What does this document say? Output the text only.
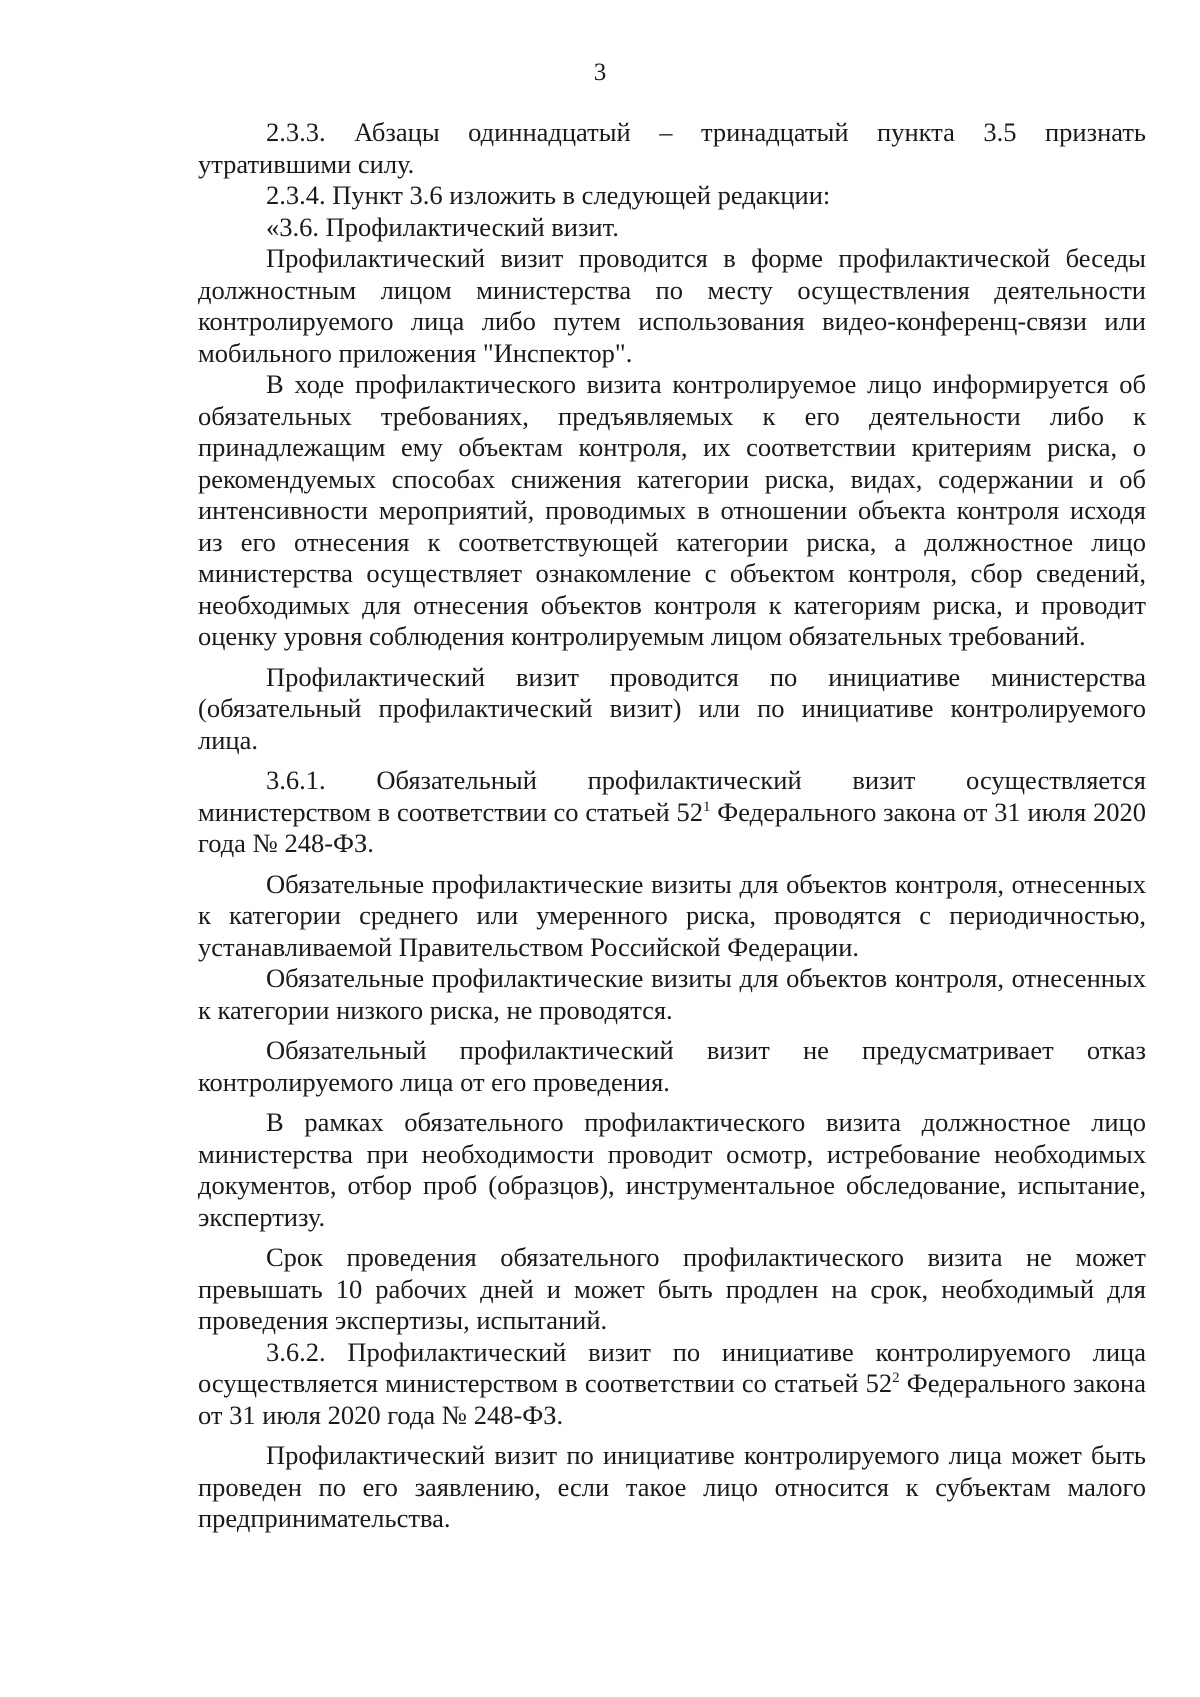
3

2.3.3. Абзацы одиннадцатый – тринадцатый пункта 3.5 признать утратившими силу.

2.3.4. Пункт 3.6 изложить в следующей редакции:

«3.6. Профилактический визит.

Профилактический визит проводится в форме профилактической беседы должностным лицом министерства по месту осуществления деятельности контролируемого лица либо путем использования видео-конференц-связи или мобильного приложения "Инспектор".

В ходе профилактического визита контролируемое лицо информируется об обязательных требованиях, предъявляемых к его деятельности либо к принадлежащим ему объектам контроля, их соответствии критериям риска, о рекомендуемых способах снижения категории риска, видах, содержании и об интенсивности мероприятий, проводимых в отношении объекта контроля исходя из его отнесения к соответствующей категории риска, а должностное лицо министерства осуществляет ознакомление с объектом контроля, сбор сведений, необходимых для отнесения объектов контроля к категориям риска, и проводит оценку уровня соблюдения контролируемым лицом обязательных требований.

Профилактический визит проводится по инициативе министерства (обязательный профилактический визит) или по инициативе контролируемого лица.

3.6.1. Обязательный профилактический визит осуществляется министерством в соответствии со статьей $52^1$ Федерального закона от 31 июля 2020 года № 248-ФЗ.

Обязательные профилактические визиты для объектов контроля, отнесенных к категории среднего или умеренного риска, проводятся с периодичностью, устанавливаемой Правительством Российской Федерации.

Обязательные профилактические визиты для объектов контроля, отнесенных к категории низкого риска, не проводятся.

Обязательный профилактический визит не предусматривает отказ контролируемого лица от его проведения.

В рамках обязательного профилактического визита должностное лицо министерства при необходимости проводит осмотр, истребование необходимых документов, отбор проб (образцов), инструментальное обследование, испытание, экспертизу.

Срок проведения обязательного профилактического визита не может превышать 10 рабочих дней и может быть продлен на срок, необходимый для проведения экспертизы, испытаний.

3.6.2. Профилактический визит по инициативе контролируемого лица осуществляется министерством в соответствии со статьей $52^2$ Федерального закона от 31 июля 2020 года № 248-ФЗ.

Профилактический визит по инициативе контролируемого лица может быть проведен по его заявлению, если такое лицо относится к субъектам малого предпринимательства.
